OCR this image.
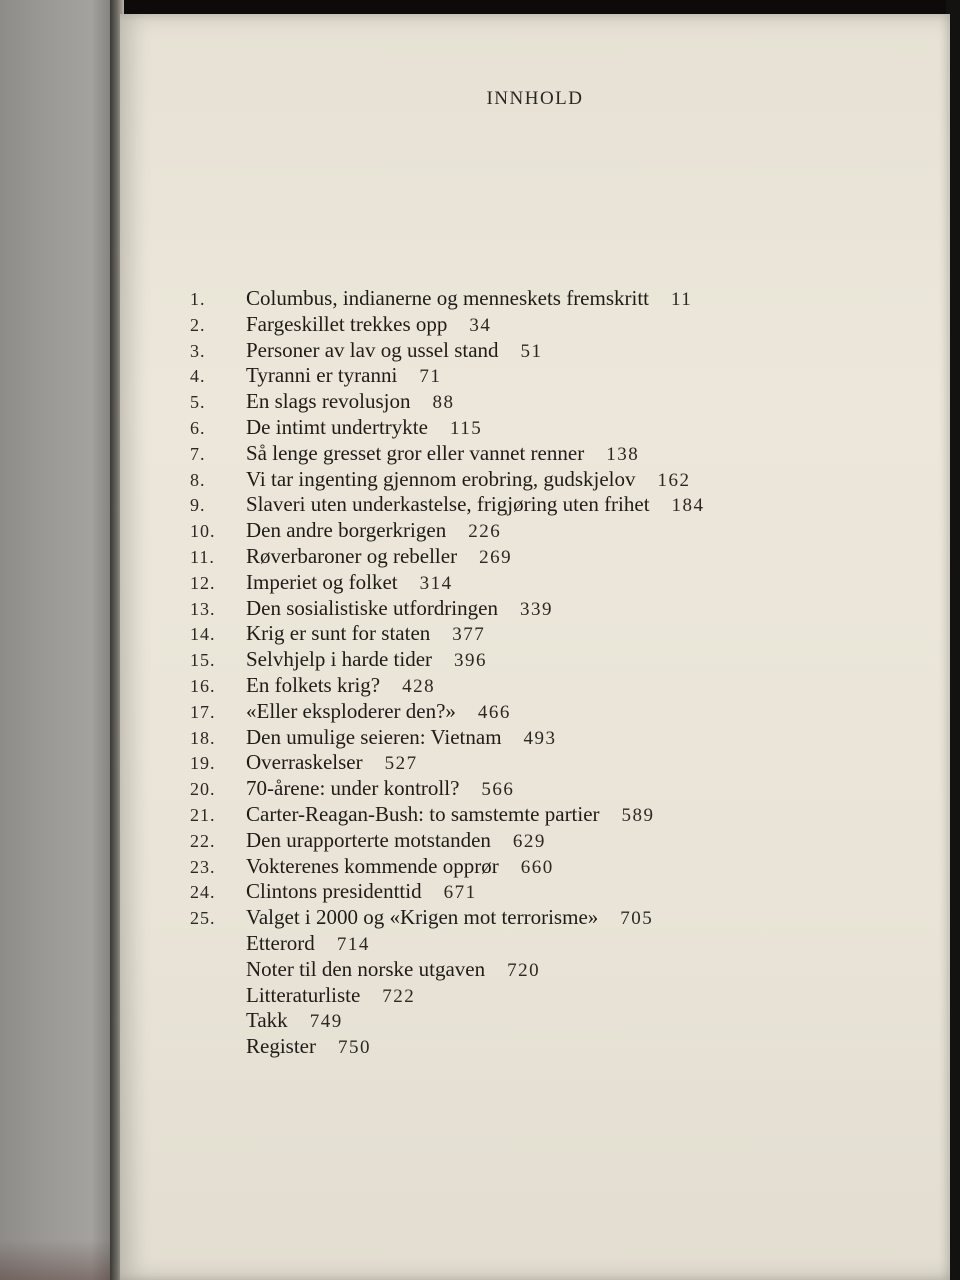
INNHOLD
1. Columbus, indianerne og menneskets fremskritt 11
2. Fargeskillet trekkes opp 34
3. Personer av lav og ussel stand 51
4. Tyranni er tyranni 71
5. En slags revolusjon 88
6. De intimt undertrykte 115
7. Så lenge gresset gror eller vannet renner 138
8. Vi tar ingenting gjennom erobring, gudskjelov 162
9. Slaveri uten underkastelse, frigjøring uten frihet 184
10. Den andre borgerkrigen 226
11. Røverbaroner og rebeller 269
12. Imperiet og folket 314
13. Den sosialistiske utfordringen 339
14. Krig er sunt for staten 377
15. Selvhjelp i harde tider 396
16. En folkets krig? 428
17. «Eller eksploderer den?» 466
18. Den umulige seieren: Vietnam 493
19. Overraskelser 527
20. 70-årene: under kontroll? 566
21. Carter-Reagan-Bush: to samstemte partier 589
22. Den urapporterte motstanden 629
23. Vokterenes kommende opprør 660
24. Clintons presidenttid 671
25. Valget i 2000 og «Krigen mot terrorisme» 705
Etterord 714
Noter til den norske utgaven 720
Litteraturliste 722
Takk 749
Register 750
